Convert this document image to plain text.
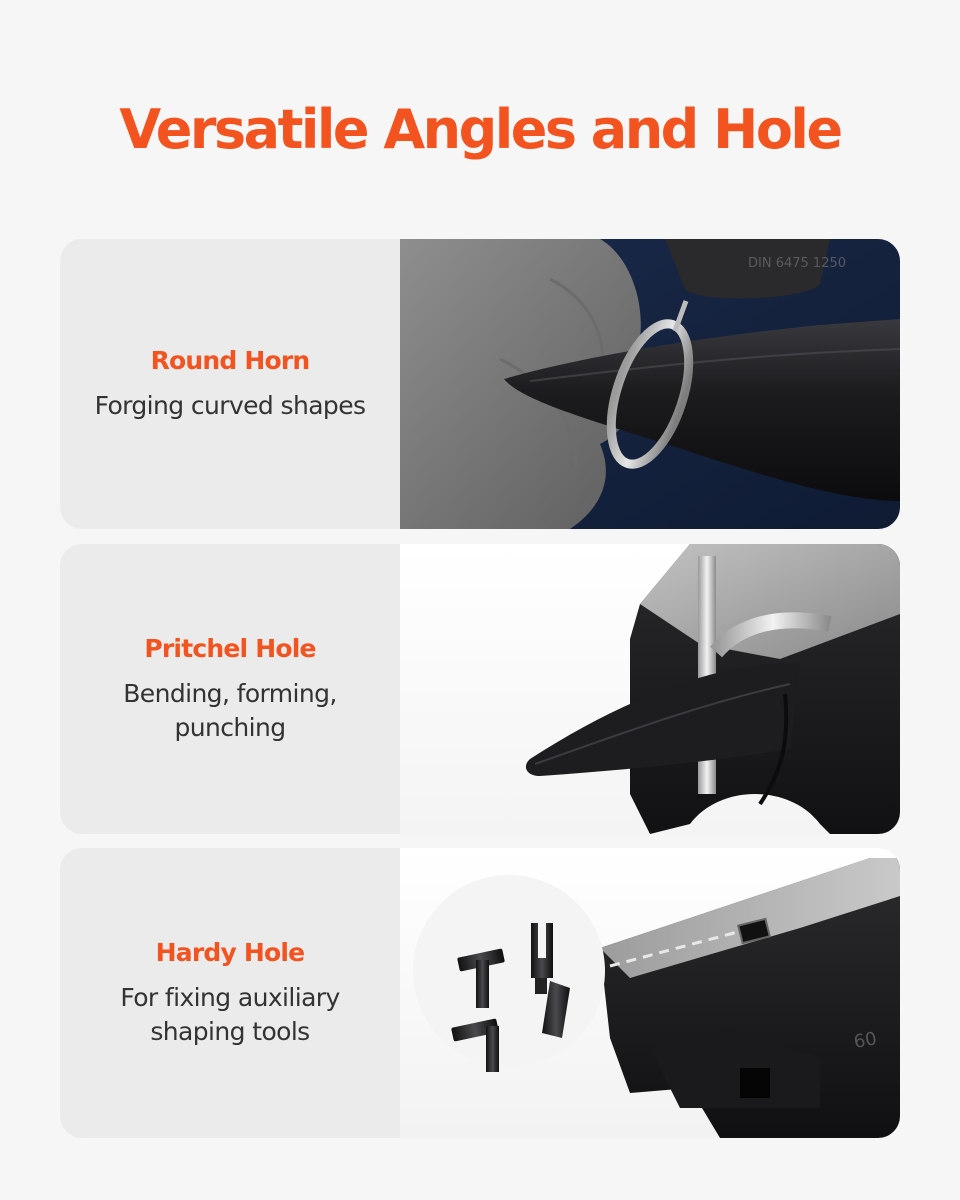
Versatile Angles and Hole
Round Horn
Forging curved shapes
DIN 6475 1250
Pritchel Hole
Bending, forming,
punching
Hardy Hole
For fixing auxiliary
shaping tools	60
